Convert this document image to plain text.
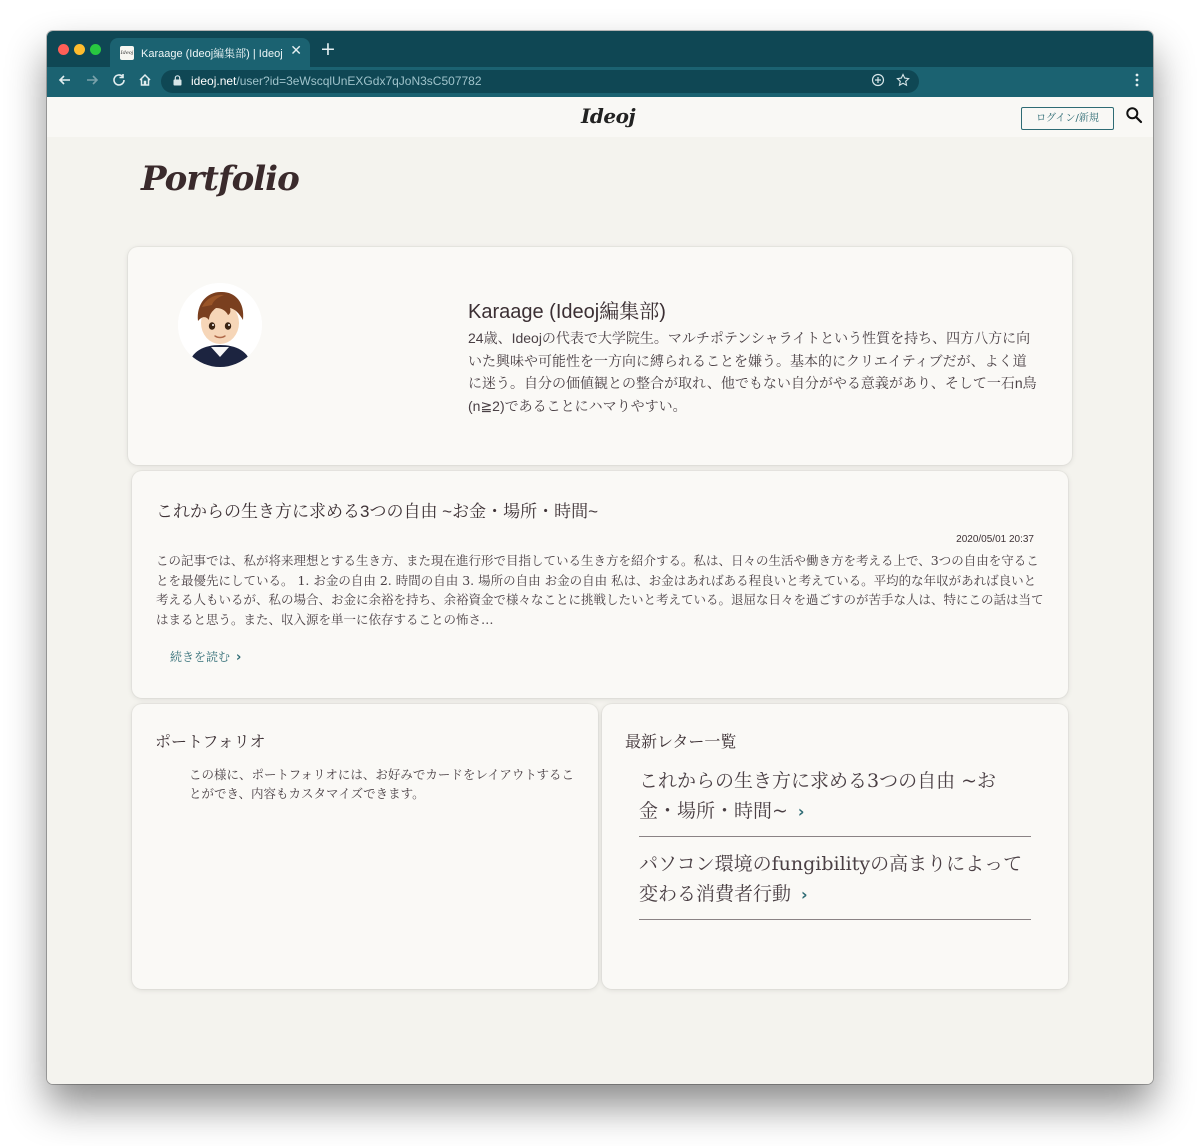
Ideoj Karaage (Ideoj編集部) | Ideoj ✕ +
ideoj.net/user?id=3eWscqlUnEXGdx7qJoN3sC507782
Ideoj	ログイン/新規
Portfolio
Karaage (Ideoj編集部)
24歳、Ideojの代表で大学院生。マルチポテンシャライトという性質を持ち、四方八方に向いた興味や可能性を一方向に縛られることを嫌う。基本的にクリエイティブだが、よく道に迷う。自分の価値観との整合が取れ、他でもない自分がやる意義があり、そして一石n鳥(n≧2)であることにハマりやすい。
これからの生き方に求める3つの自由 ~お金・場所・時間~
2020/05/01 20:37
この記事では、私が将来理想とする生き方、また現在進行形で目指している生き方を紹介する。私は、日々の生活や働き方を考える上で、3つの自由を守ることを最優先にしている。 1. お金の自由 2. 時間の自由 3. 場所の自由 お金の自由 私は、お金はあればある程良いと考えている。平均的な年収があれば良いと考える人もいるが、私の場合、お金に余裕を持ち、余裕資金で様々なことに挑戦したいと考えている。退屈な日々を過ごすのが苦手な人は、特にこの話は当てはまると思う。また、収入源を単一に依存することの怖さ…
続きを読む ›
ポートフォリオ
この様に、ポートフォリオには、お好みでカードをレイアウトすることができ、内容もカスタマイズできます。
最新レター一覧
これからの生き方に求める3つの自由 ~お金・場所・時間~ ›
パソコン環境のfungibilityの高まりによって変わる消費者行動 ›
